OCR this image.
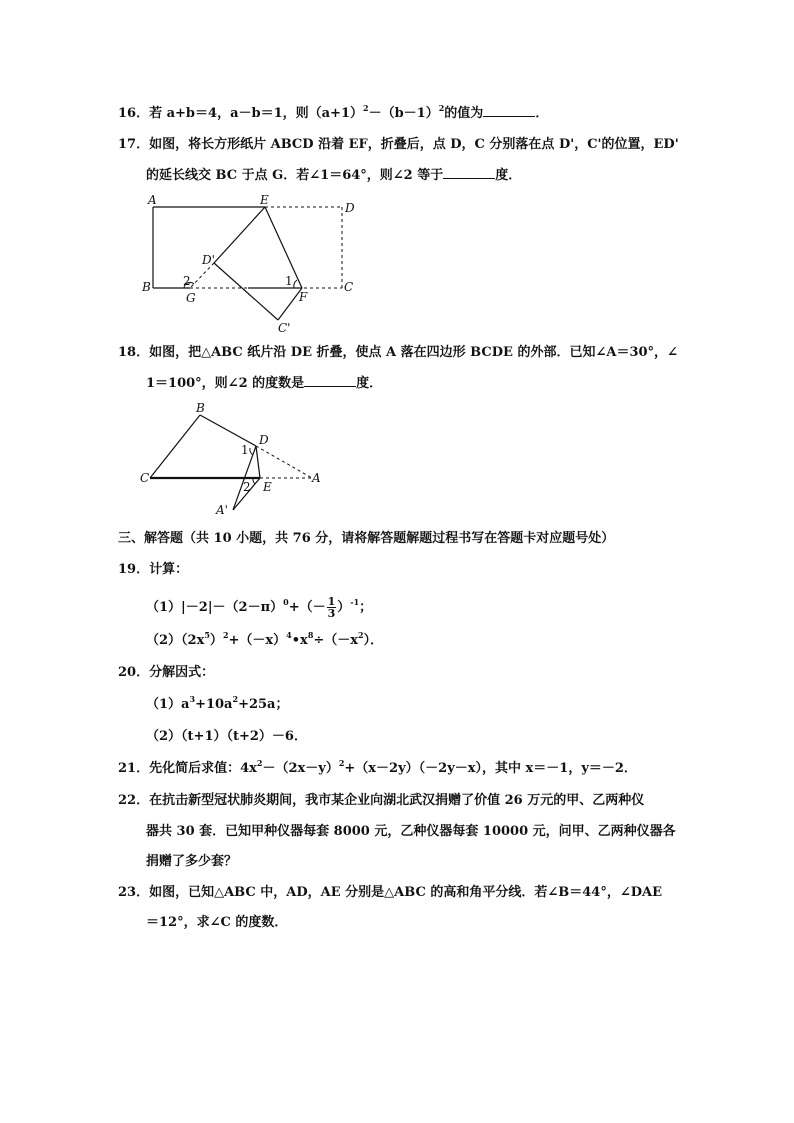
16．若 a+b＝4，a－b＝1，则$(a+1)^2-(b-1)^2$的值为	．
17．如图，将长方形纸片 ABCD 沿着 EF，折叠后，点 D，C 分别落在点 D'，C'的位置，ED'
的延长线交 BC 于点 G．若∠1＝64°，则∠2 等于	度．
A	E
D
D'
B	2
G
1	C
F
C'
18．如图，把△ABC 纸片沿 DE 折叠，使点 A 落在四边形 BCDE 的外部．已知∠A＝30°，∠
1＝100°，则∠2 的度数是	度．
B
D
1
C	A
2 E
A'
三、解答题（共 10 小题，共 76 分，请将解答题解题过程书写在答题卡对应题号处）
19．计算：
$(1)|-2|-(2-\pi)^0+(- \frac{1}{3} )^{-1}$；
$(2)(2x^5)^2+(-x)^4•x^8\div(-x^2)$．
20．分解因式：
$(1)a^3+10a^2+25a$；
（2）（t+1）（t+2）－6．
21．先化简后求值：$4x^2-(2x-y)^2+(x-2y)(-2y-x)$，其中 x＝－1，y＝－2．
22．在抗击新型冠状肺炎期间，我市某企业向湖北武汉捐赠了价值 26 万元的甲、乙两种仪
器共 30 套．已知甲种仪器每套 8000 元，乙种仪器每套 10000 元，问甲、乙两种仪器各
捐赠了多少套？
23．如图，已知△ABC 中，AD，AE 分别是△ABC 的高和角平分线．若∠B＝44°，∠DAE
＝12°，求∠C 的度数．
